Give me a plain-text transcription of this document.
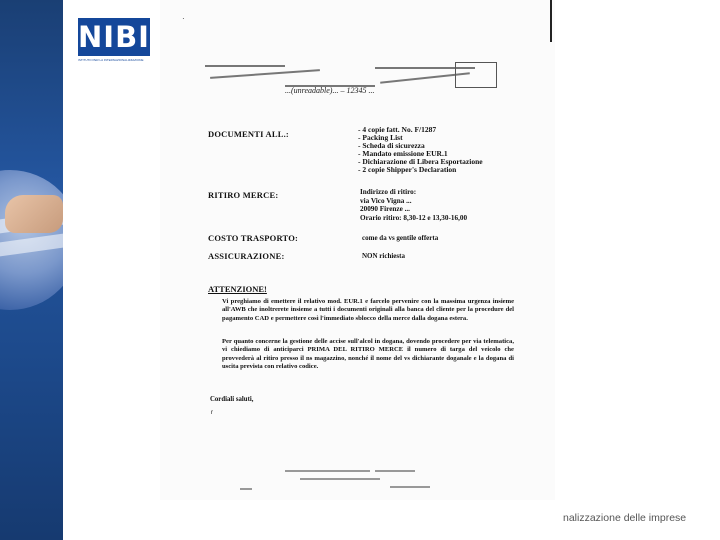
NIBI
ISTITUTO PER LA INTERNAZIONALIZZAZIONE
·
...(unreadable)... – 12345 ...
DOCUMENTI ALL.:
-	4 copie fatt. No. F/1287
- Packing List
- Scheda di sicurezza
- Mandato emissione EUR.1
- Dichiarazione di Libera Esportazione
- 2 copie Shipper's Declaration
RITIRO MERCE:	Indirizzo di ritiro:
via Vico Vigna ...
20090 Firenze ...
Orario ritiro: 8,30-12 e 13,30-16,00
COSTO TRASPORTO:	come da vs gentile offerta
ASSICURAZIONE:	NON richiesta
ATTENZIONE!
Vi preghiamo di emettere il relativo mod. EUR.1 e farcelo pervenire con la massima urgenza insieme all'AWB che inoltrerete insieme a tutti i documenti originali alla banca del cliente per la procedure del pagamento CAD e permettere così l'immediato sblocco della merce dalla dogana estera.
Per quanto concerne la gestione delle accise sull'alcol in dogana, dovendo procedere per via telematica, vi chiediamo di anticiparci PRIMA DEL RITIRO MERCE il numero di targa del veicolo che provvederà al ritiro presso il ns magazzino, nonché il nome del vs dichiarante doganale e la dogana di uscita prevista con relativo codice.
Cordiali saluti,
r
nalizzazione delle imprese
